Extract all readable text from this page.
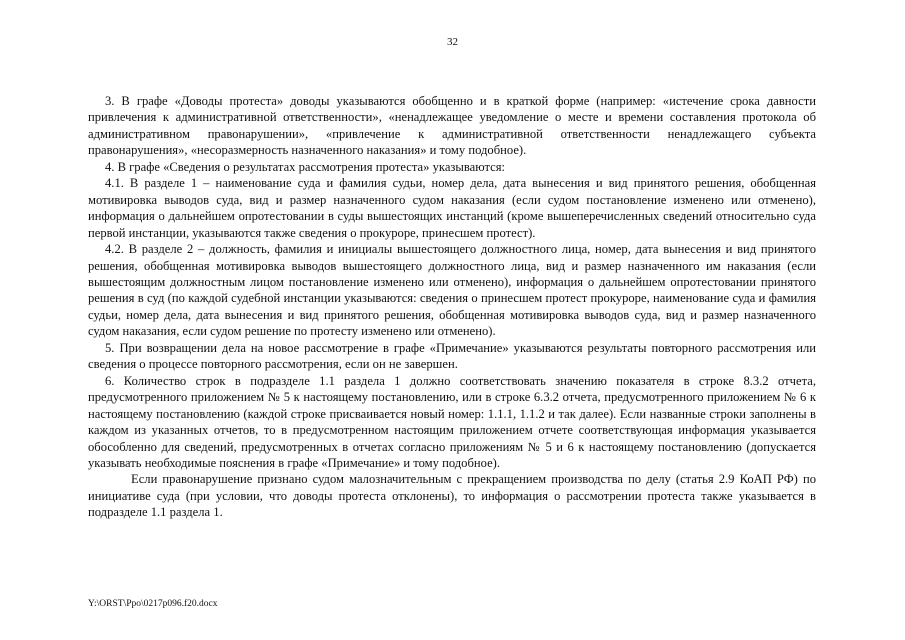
32

3. В графе «Доводы протеста» доводы указываются обобщенно и в краткой форме (например: «истечение срока давности привлечения к административной ответственности», «ненадлежащее уведомление о месте и времени составления протокола об административном правонарушении», «привлечение к административной ответственности ненадлежащего субъекта правонарушения», «несоразмерность назначенного наказания» и тому подобное).

4. В графе «Сведения о результатах рассмотрения протеста» указываются:

4.1. В разделе 1 – наименование суда и фамилия судьи, номер дела, дата вынесения и вид принятого решения, обобщенная мотивировка выводов суда, вид и размер назначенного судом наказания (если судом постановление изменено или отменено), информация о дальнейшем опротестовании в суды вышестоящих инстанций (кроме вышеперечисленных сведений относительно суда первой инстанции, указываются также сведения о прокуроре, принесшем протест).

4.2. В разделе 2 – должность, фамилия и инициалы вышестоящего должностного лица, номер, дата вынесения и вид принятого решения, обобщенная мотивировка выводов вышестоящего должностного лица, вид и размер назначенного им наказания (если вышестоящим должностным лицом постановление изменено или отменено), информация о дальнейшем опротестовании принятого решения в суд (по каждой судебной инстанции указываются: сведения о принесшем протест прокуроре, наименование суда и фамилия судьи, номер дела, дата вынесения и вид принятого решения, обобщенная мотивировка выводов суда, вид и размер назначенного судом наказания, если судом решение по протесту изменено или отменено).

5. При возвращении дела на новое рассмотрение в графе «Примечание» указываются результаты повторного рассмотрения или сведения о процессе повторного рассмотрения, если он не завершен.

6. Количество строк в подразделе 1.1 раздела 1 должно соответствовать значению показателя в строке 8.3.2 отчета, предусмотренного приложением № 5 к настоящему постановлению, или в строке 6.3.2 отчета, предусмотренного приложением № 6 к настоящему постановлению (каждой строке присваивается новый номер: 1.1.1, 1.1.2 и так далее). Если названные строки заполнены в каждом из указанных отчетов, то в предусмотренном настоящим приложением отчете соответствующая информация указывается обособленно для сведений, предусмотренных в отчетах согласно приложениям № 5 и 6 к настоящему постановлению (допускается указывать необходимые пояснения в графе «Примечание» и тому подобное).

Если правонарушение признано судом малозначительным с прекращением производства по делу (статья 2.9 КоАП РФ) по инициативе суда (при условии, что доводы протеста отклонены), то информация о рассмотрении протеста также указывается в подразделе 1.1 раздела 1.

Y:\ORST\Ppo\0217p096.f20.docx
